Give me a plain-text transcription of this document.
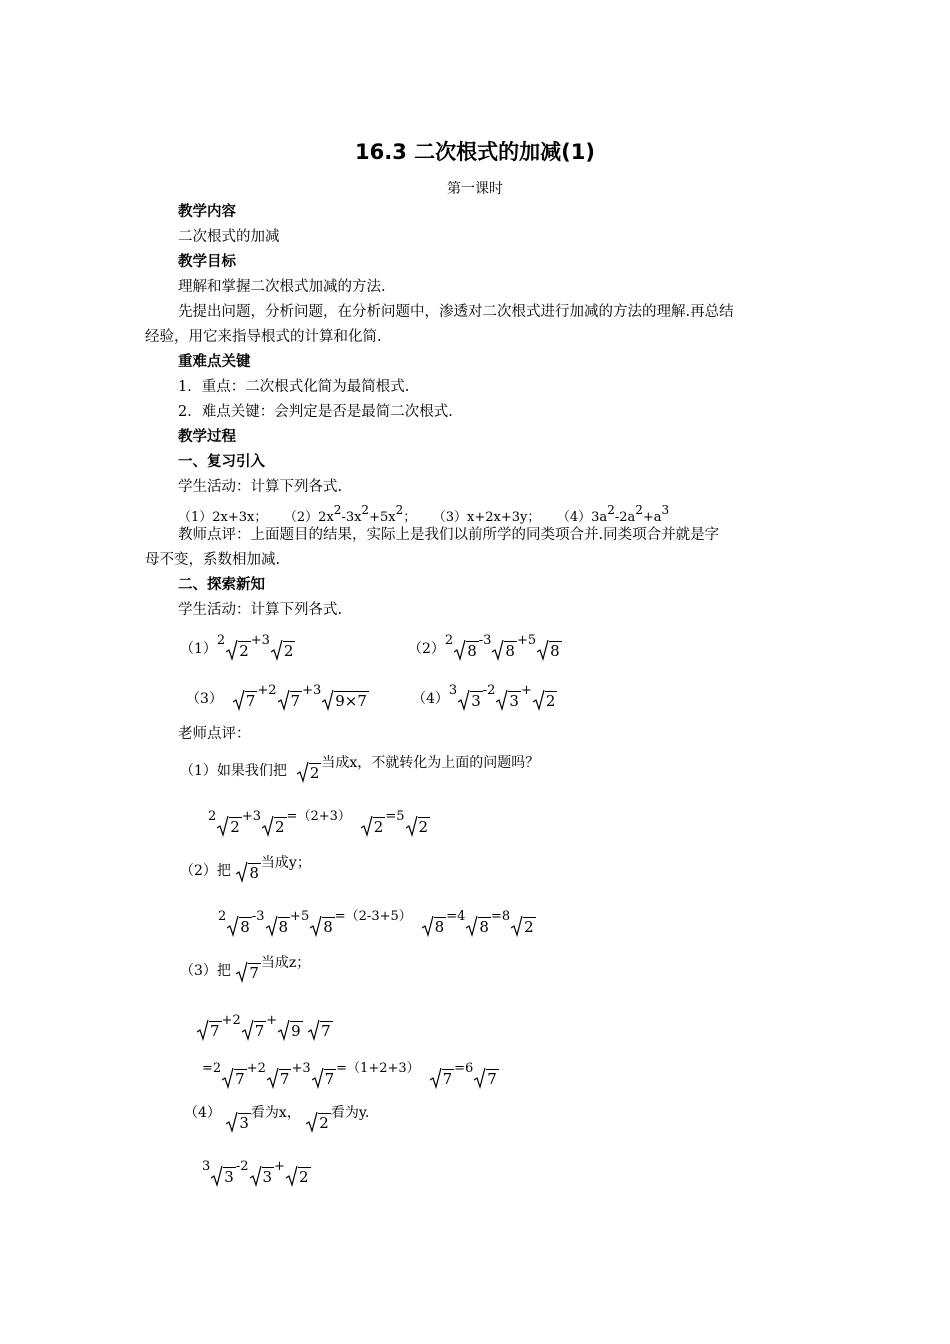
16.3 二次根式的加减(1)
第一课时
教学内容
二次根式的加减
教学目标
理解和掌握二次根式加减的方法.
先提出问题，分析问题，在分析问题中，渗透对二次根式进行加减的方法的理解.再总结
经验，用它来指导根式的计算和化简.
重难点关键
1．重点：二次根式化简为最简根式.
2．难点关键：会判定是否是最简二次根式.
教学过程
一、复习引入
学生活动：计算下列各式.
（1）2x+3x； （2）2x2-3x2+5x2； （3）x+2x+3y； （4）3a2-2a2+a3
教师点评：上面题目的结果，实际上是我们以前所学的同类项合并.同类项合并就是字
母不变，系数相加减.
二、探索新知
学生活动：计算下列各式.
（1）2
2+3
2	（2）2
8-3
8+5
8
（3） 7+2
7+3
9×7	（4）3
3-2
3+
2
老师点评：
（1）如果我们把 2当成x，不就转化为上面的问题吗？
2
2+3
2=（2+3）
2=5
2
（2）把 8当成y；
2
8-3
8+5
8=（2-3+5）
8=4
8=8
2
（3）把 7当成z；
7+2
7+
9 7
=2
7+2
7+3
7=（1+2+3）
7=6
7
（4）
3看为x，
2看为y.
3
3-2
3+
2
